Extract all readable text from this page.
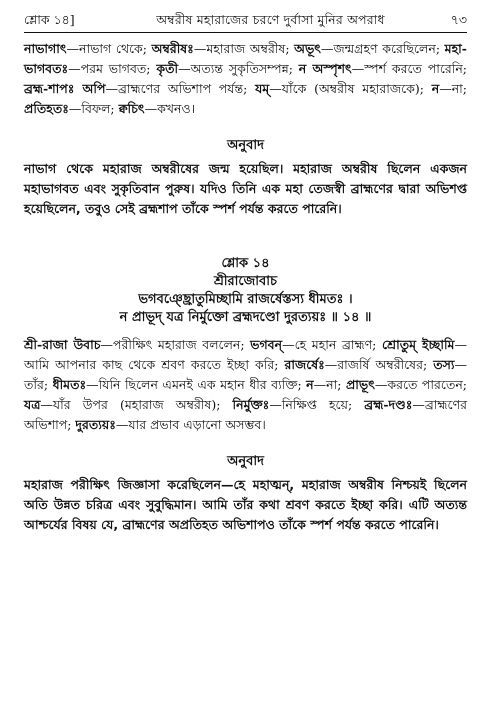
শ্লোক ১৪]	অম্বরীষ মহারাজের চরণে দুর্বাসা মুনির অপরাধ	৭৩

নাভাগাৎ—নাভাগ থেকে; অম্বরীষঃ—মহারাজ অম্বরীষ; অভূৎ—জন্মগ্রহণ করেছিলেন; মহা-ভাগবতঃ—পরম ভাগবত; কৃতী—অত্যন্ত সুকৃতিসম্পন্ন; ন অস্পৃশৎ—স্পর্শ করতে পারেনি; ব্রহ্ম-শাপঃ অপি—ব্রাহ্মণের অভিশাপ পর্যন্ত; যম্—যাঁকে (অম্বরীষ মহারাজকে); ন—না; প্রতিহতঃ—বিফল; ক্বচিৎ—কখনও।

অনুবাদ

নাভাগ থেকে মহারাজ অম্বরীষের জন্ম হয়েছিল। মহারাজ অম্বরীষ ছিলেন একজন মহাভাগবত এবং সুকৃতিবান পুরুষ। যদিও তিনি এক মহা তেজস্বী ব্রাহ্মণের দ্বারা অভিশপ্ত হয়েছিলেন, তবুও সেই ব্রহ্মশাপ তাঁকে স্পর্শ পর্যন্ত করতে পারেনি।

শ্লোক ১৪

শ্রীরাজোবাচ

ভগবঞ্ছ্রোতুমিচ্ছামি রাজর্ষেস্তস্য ধীমতঃ ।

ন প্রাভূদ্ যত্র নির্মুক্তো ব্রহ্মদণ্ডো দুরত্যয়ঃ ॥ ১৪ ॥

শ্রী-রাজা উবাচ—পরীক্ষিৎ মহারাজ বললেন; ভগবন্—হে মহান ব্রাহ্মণ; শ্রোতুম্ ইচ্ছামি—আমি আপনার কাছ থেকে শ্রবণ করতে ইচ্ছা করি; রাজর্ষেঃ—রাজর্ষি অম্বরীষের; তস্য—তাঁর; ধীমতঃ—যিনি ছিলেন এমনই এক মহান ধীর ব্যক্তি; ন—না; প্রাভূৎ—করতে পারতেন; যত্র—যাঁর উপর (মহারাজ অম্বরীষ); নির্মুক্তঃ—নিক্ষিপ্ত হয়ে; ব্রহ্ম-দণ্ডঃ—ব্রাহ্মণের অভিশাপ; দুরত্যয়ঃ—যার প্রভাব এড়ানো অসম্ভব।

অনুবাদ

মহারাজ পরীক্ষিৎ জিজ্ঞাসা করেছিলেন—হে মহাত্মন্, মহারাজ অম্বরীষ নিশ্চয়ই ছিলেন অতি উন্নত চরিত্র এবং সুবুদ্ধিমান। আমি তাঁর কথা শ্রবণ করতে ইচ্ছা করি। এটি অত্যন্ত আশ্চর্যের বিষয় যে, ব্রাহ্মণের অপ্রতিহত অভিশাপও তাঁকে স্পর্শ পর্যন্ত করতে পারেনি।
